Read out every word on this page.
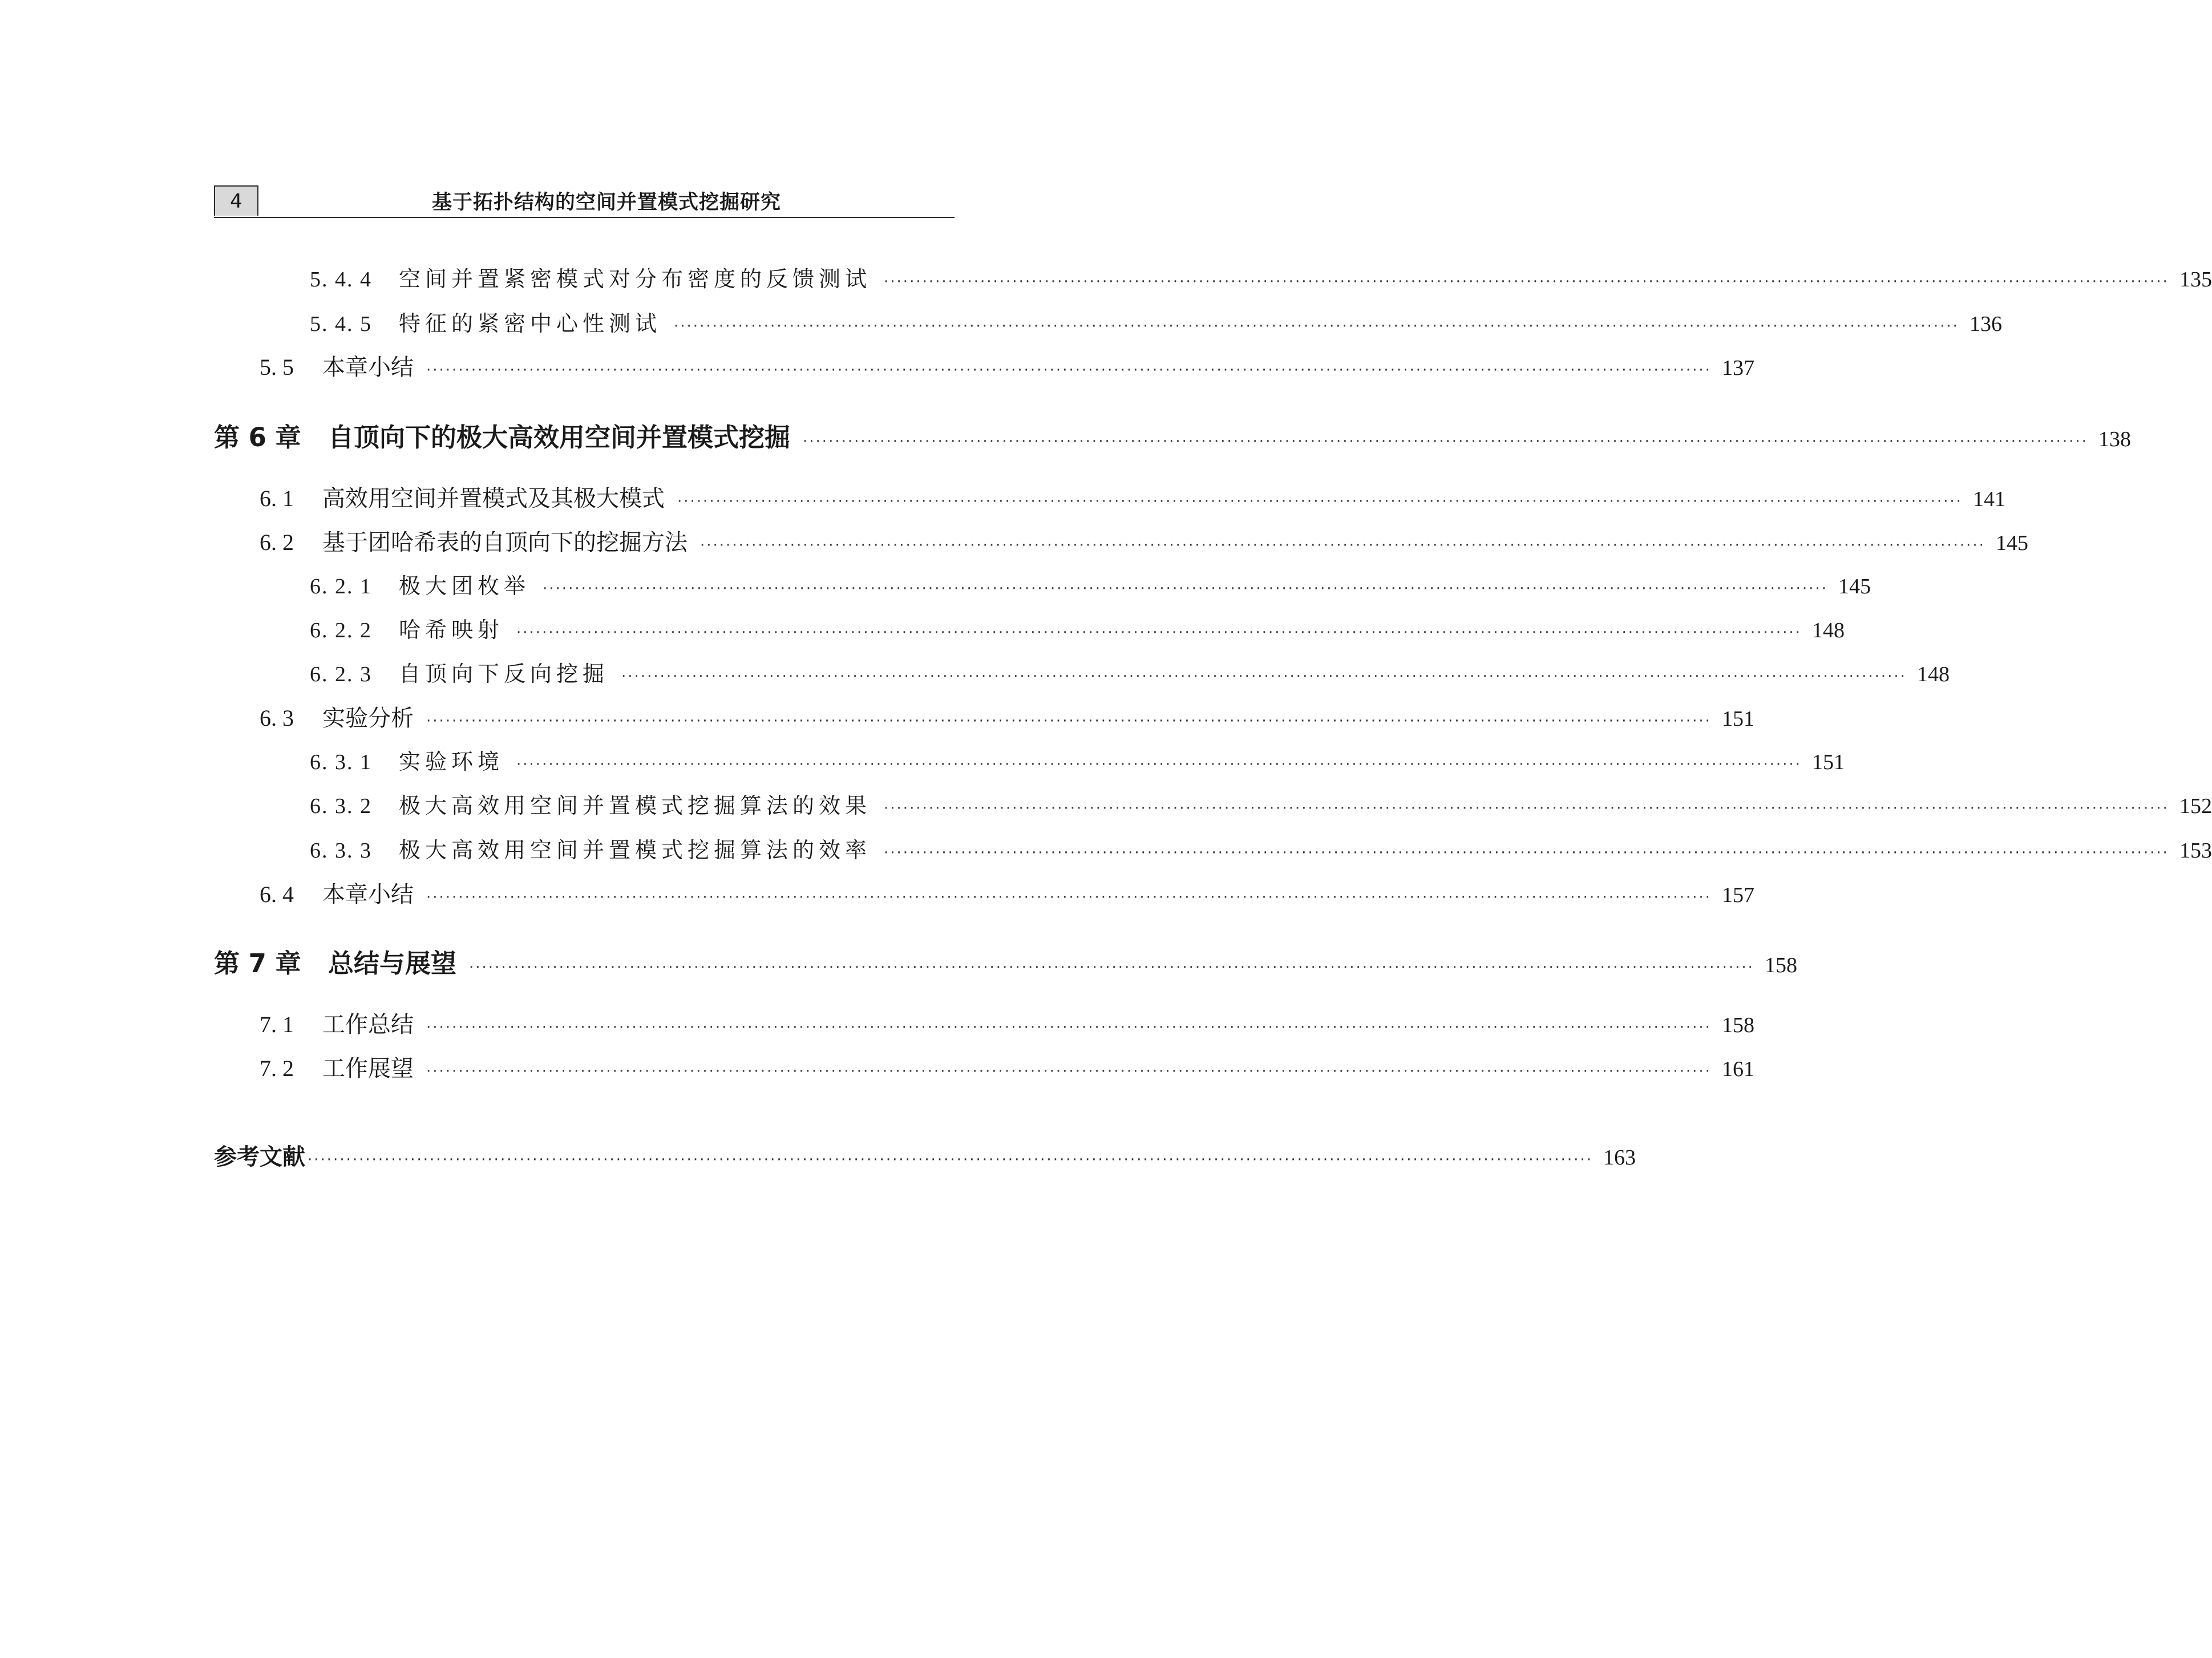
4	基于拓扑结构的空间并置模式挖掘研究
5. 4. 4	空间并置紧密模式对分布密度的反馈测试 ········································································································································································································ 135
5. 4. 5	特征的紧密中心性测试 ········································································································································································································ 136
5. 5	本章小结 ········································································································································································································ 137
第 6 章	自顶向下的极大高效用空间并置模式挖掘 ········································································································································································································ 138
6. 1	高效用空间并置模式及其极大模式 ········································································································································································································ 141
6. 2	基于团哈希表的自顶向下的挖掘方法 ········································································································································································································ 145
6. 2. 1	极大团枚举 ········································································································································································································ 145
6. 2. 2	哈希映射 ········································································································································································································ 148
6. 2. 3	自顶向下反向挖掘 ········································································································································································································ 148
6. 3	实验分析 ········································································································································································································ 151
6. 3. 1	实验环境 ········································································································································································································ 151
6. 3. 2	极大高效用空间并置模式挖掘算法的效果 ········································································································································································································ 152
6. 3. 3	极大高效用空间并置模式挖掘算法的效率 ········································································································································································································ 153
6. 4	本章小结 ········································································································································································································ 157
第 7 章	总结与展望 ········································································································································································································ 158
7. 1	工作总结 ········································································································································································································ 158
7. 2	工作展望 ········································································································································································································ 161
参考文献 ········································································································································································································ 163
